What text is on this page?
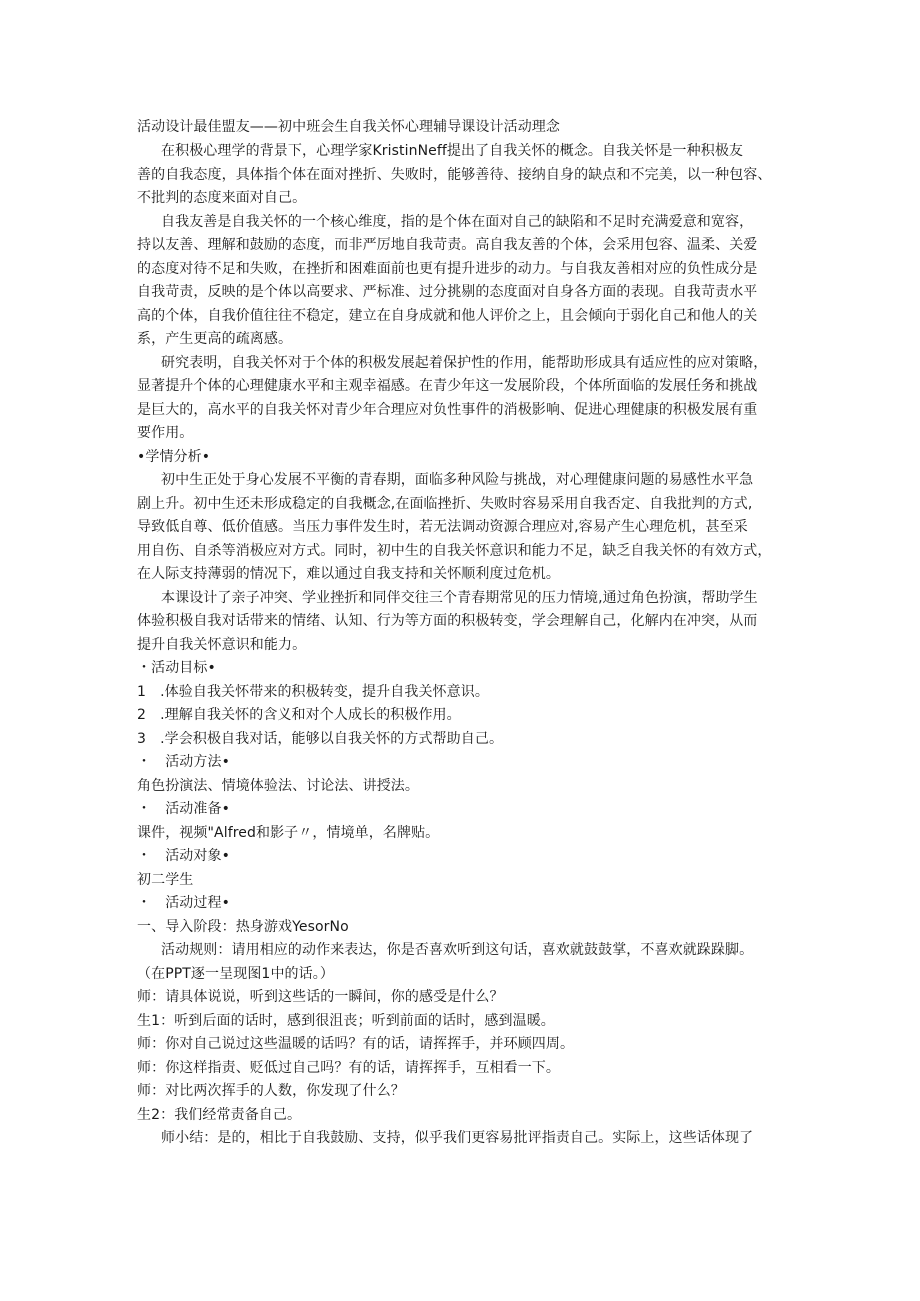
活动设计最佳盟友——初中班会生自我关怀心理辅导课设计活动理念
在积极心理学的背景下，心理学家KristinNeff提出了自我关怀的概念。自我关怀是一种积极友
善的自我态度，具体指个体在面对挫折、失败时，能够善待、接纳自身的缺点和不完美，以一种包容、
不批判的态度来面对自己。
自我友善是自我关怀的一个核心维度，指的是个体在面对自己的缺陷和不足时充满爱意和宽容，
持以友善、理解和鼓励的态度，而非严厉地自我苛责。高自我友善的个体，会采用包容、温柔、关爱
的态度对待不足和失败，在挫折和困难面前也更有提升进步的动力。与自我友善相对应的负性成分是
自我苛责，反映的是个体以高要求、严标准、过分挑剔的态度面对自身各方面的表现。自我苛责水平
高的个体，自我价值往往不稳定，建立在自身成就和他人评价之上，且会倾向于弱化自己和他人的关
系，产生更高的疏离感。
研究表明，自我关怀对于个体的积极发展起着保护性的作用，能帮助形成具有适应性的应对策略，
显著提升个体的心理健康水平和主观幸福感。在青少年这一发展阶段，个体所面临的发展任务和挑战
是巨大的，高水平的自我关怀对青少年合理应对负性事件的消极影响、促进心理健康的积极发展有重
要作用。
•学情分析•
初中生正处于身心发展不平衡的青春期，面临多种风险与挑战，对心理健康问题的易感性水平急
剧上升。初中生还未形成稳定的自我概念,在面临挫折、失败时容易采用自我否定、自我批判的方式,
导致低自尊、低价值感。当压力事件发生时，若无法调动资源合理应对,容易产生心理危机，甚至采
用自伤、自杀等消极应对方式。同时，初中生的自我关怀意识和能力不足，缺乏自我关怀的有效方式，
在人际支持薄弱的情况下，难以通过自我支持和关怀顺利度过危机。
本课设计了亲子冲突、学业挫折和同伴交往三个青春期常见的压力情境,通过角色扮演，帮助学生
体验积极自我对话带来的情绪、认知、行为等方面的积极转变，学会理解自己，化解内在冲突，从而
提升自我关怀意识和能力。
・活动目标•
1　.体验自我关怀带来的积极转变，提升自我关怀意识。
2　.理解自我关怀的含义和对个人成长的积极作用。
3　.学会积极自我对话，能够以自我关怀的方式帮助自己。
・　活动方法•
角色扮演法、情境体验法、讨论法、讲授法。
・　活动准备•
课件，视频"Alfred和影子〃，情境单，名牌贴。
・　活动对象•
初二学生
・　活动过程•
一、导入阶段：热身游戏YesorNo
活动规则：请用相应的动作来表达，你是否喜欢听到这句话，喜欢就鼓鼓掌，不喜欢就跺跺脚。
（在PPT逐一呈现图1中的话。）
师：请具体说说，听到这些话的一瞬间，你的感受是什么？
生1：听到后面的话时，感到很沮丧；听到前面的话时，感到温暖。
师：你对自己说过这些温暖的话吗？有的话，请挥挥手，并环顾四周。
师：你这样指责、贬低过自己吗？有的话，请挥挥手，互相看一下。
师：对比两次挥手的人数，你发现了什么？
生2：我们经常责备自己。
师小结：是的，相比于自我鼓励、支持，似乎我们更容易批评指责自己。实际上，这些话体现了
